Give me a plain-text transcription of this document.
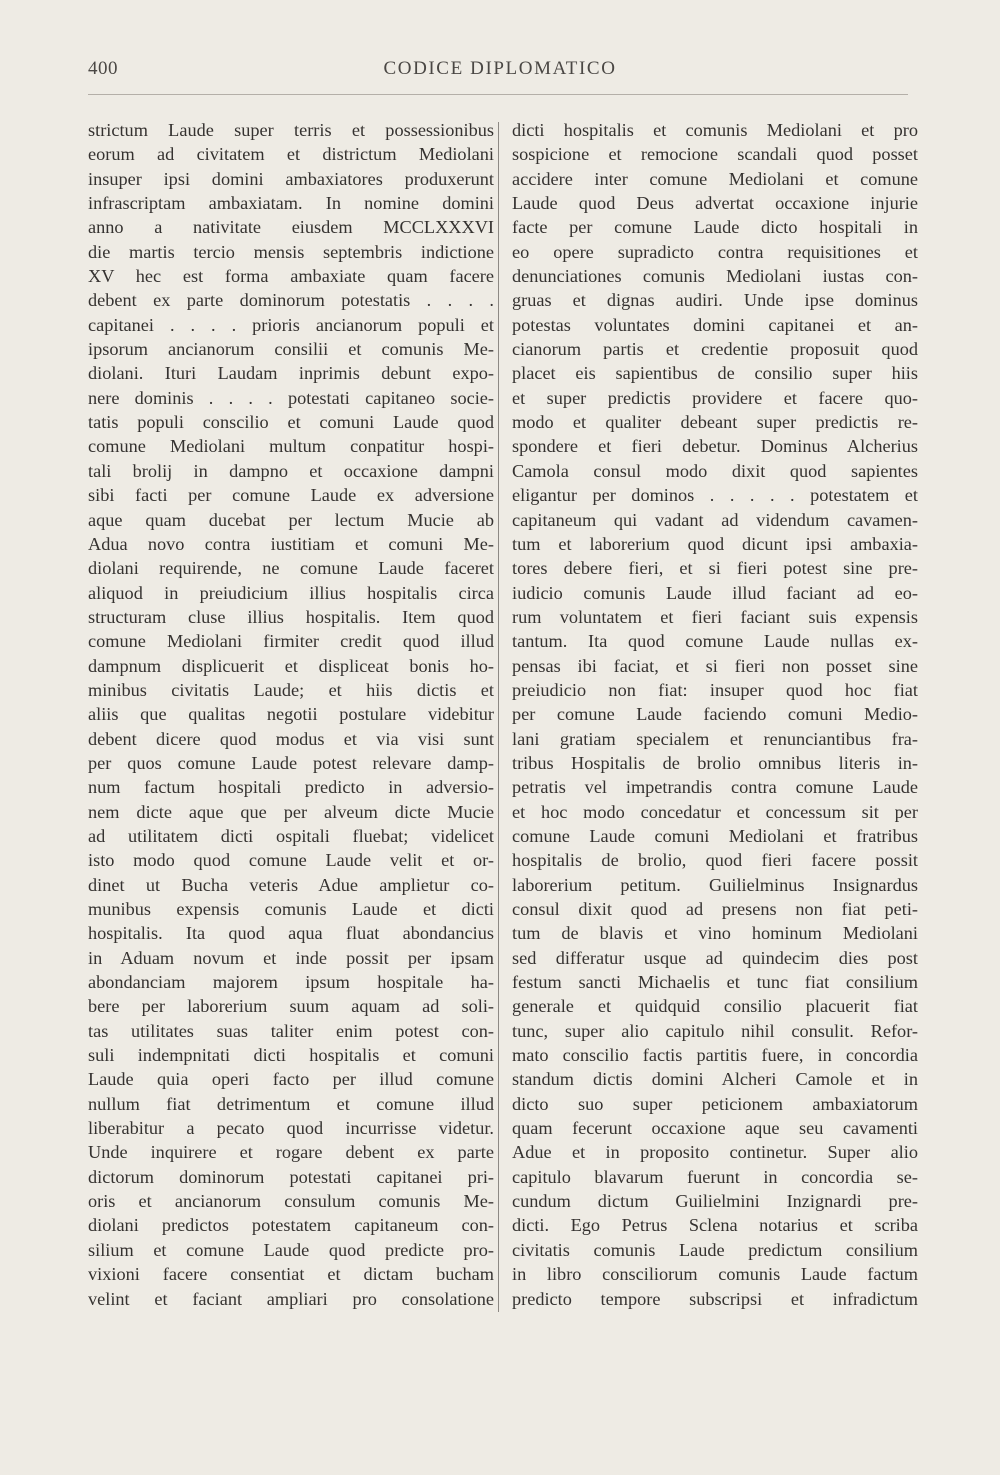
400	CODICE DIPLOMATICO
strictum Laude super terris et possessionibus
eorum ad civitatem et districtum Mediolani
insuper ipsi domini ambaxiatores produxerunt
infrascriptam ambaxiatam. In nomine domini
anno a nativitate eiusdem MCCLXXXVI
die martis tercio mensis septembris indictione
XV hec est forma ambaxiate quam facere
debent ex parte dominorum potestatis . . . .
capitanei . . . . prioris ancianorum populi et
ipsorum ancianorum consilii et comunis Me-
diolani. Ituri Laudam inprimis debunt expo-
nere dominis . . . . potestati capitaneo socie-
tatis populi conscilio et comuni Laude quod
comune Mediolani multum conpatitur hospi-
tali brolij in dampno et occaxione dampni
sibi facti per comune Laude ex adversione
aque quam ducebat per lectum Mucie ab
Adua novo contra iustitiam et comuni Me-
diolani requirende, ne comune Laude faceret
aliquod in preiudicium illius hospitalis circa
structuram cluse illius hospitalis. Item quod
comune Mediolani firmiter credit quod illud
dampnum displicuerit et displiceat bonis ho-
minibus civitatis Laude; et hiis dictis et
aliis que qualitas negotii postulare videbitur
debent dicere quod modus et via visi sunt
per quos comune Laude potest relevare damp-
num factum hospitali predicto in adversio-
nem dicte aque que per alveum dicte Mucie
ad utilitatem dicti ospitali fluebat; videlicet
isto modo quod comune Laude velit et or-
dinet ut Bucha veteris Adue amplietur co-
munibus expensis comunis Laude et dicti
hospitalis. Ita quod aqua fluat abondancius
in Aduam novum et inde possit per ipsam
abondanciam majorem ipsum hospitale ha-
bere per laborerium suum aquam ad soli-
tas utilitates suas taliter enim potest con-
suli indempnitati dicti hospitalis et comuni
Laude quia operi facto per illud comune
nullum fiat detrimentum et comune illud
liberabitur a pecato quod incurrisse videtur.
Unde inquirere et rogare debent ex parte
dictorum dominorum potestati capitanei pri-
oris et ancianorum consulum comunis Me-
diolani predictos potestatem capitaneum con-
silium et comune Laude quod predicte pro-
vixioni facere consentiat et dictam bucham
velint et faciant ampliari pro consolatione
dicti hospitalis et comunis Mediolani et pro
sospicione et remocione scandali quod posset
accidere inter comune Mediolani et comune
Laude quod Deus advertat occaxione injurie
facte per comune Laude dicto hospitali in
eo opere supradicto contra requisitiones et
denunciationes comunis Mediolani iustas con-
gruas et dignas audiri. Unde ipse dominus
potestas voluntates domini capitanei et an-
cianorum partis et credentie proposuit quod
placet eis sapientibus de consilio super hiis
et super predictis providere et facere quo-
modo et qualiter debeant super predictis re-
spondere et fieri debetur. Dominus Alcherius
Camola consul modo dixit quod sapientes
eligantur per dominos . . . . . potestatem et
capitaneum qui vadant ad videndum cavamen-
tum et laborerium quod dicunt ipsi ambaxia-
tores debere fieri, et si fieri potest sine pre-
iudicio comunis Laude illud faciant ad eo-
rum voluntatem et fieri faciant suis expensis
tantum. Ita quod comune Laude nullas ex-
pensas ibi faciat, et si fieri non posset sine
preiudicio non fiat: insuper quod hoc fiat
per comune Laude faciendo comuni Medio-
lani gratiam specialem et renunciantibus fra-
tribus Hospitalis de brolio omnibus literis in-
petratis vel impetrandis contra comune Laude
et hoc modo concedatur et concessum sit per
comune Laude comuni Mediolani et fratribus
hospitalis de brolio, quod fieri facere possit
laborerium petitum. Guilielminus Insignardus
consul dixit quod ad presens non fiat peti-
tum de blavis et vino hominum Mediolani
sed differatur usque ad quindecim dies post
festum sancti Michaelis et tunc fiat consilium
generale et quidquid consilio placuerit fiat
tunc, super alio capitulo nihil consulit. Refor-
mato conscilio factis partitis fuere, in concordia
standum dictis domini Alcheri Camole et in
dicto suo super peticionem ambaxiatorum
quam fecerunt occaxione aque seu cavamenti
Adue et in proposito continetur. Super alio
capitulo blavarum fuerunt in concordia se-
cundum dictum Guilielmini Inzignardi pre-
dicti. Ego Petrus Sclena notarius et scriba
civitatis comunis Laude predictum consilium
in libro consciliorum comunis Laude factum
predicto tempore subscripsi et infradictum
